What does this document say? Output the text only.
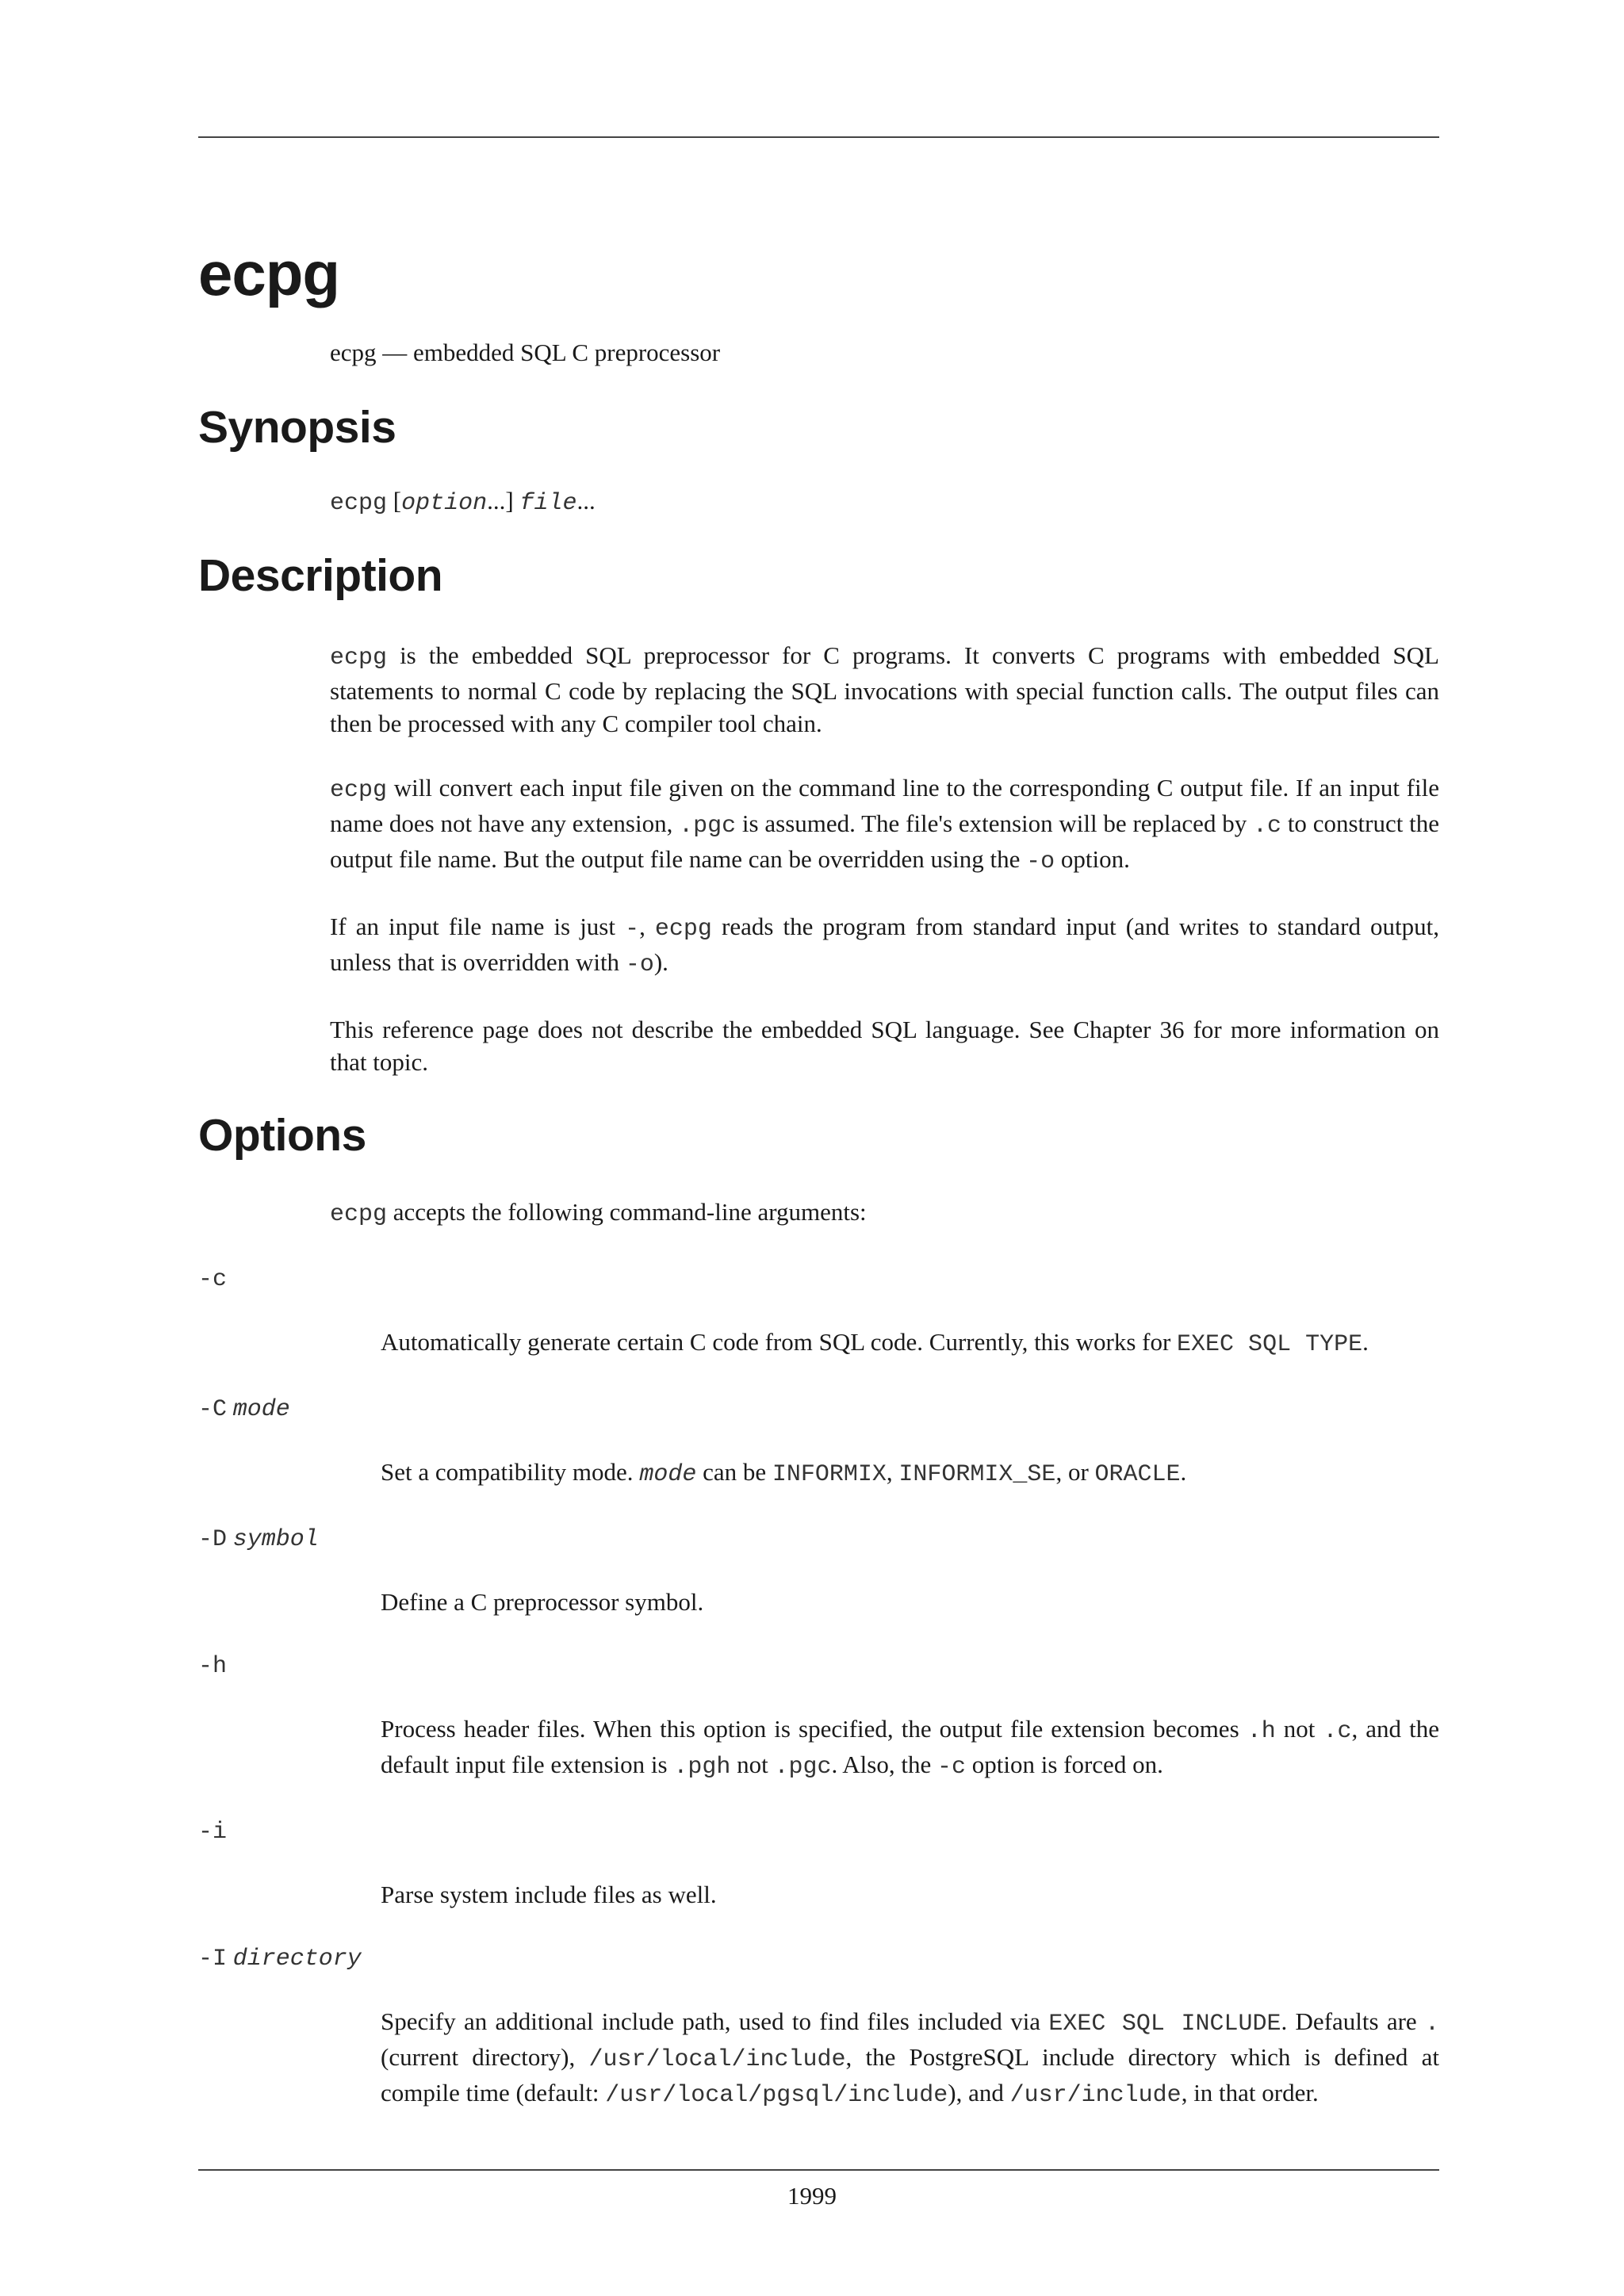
ecpg

ecpg — embedded SQL C preprocessor

Synopsis

ecpg [option...] file...

Description

ecpg is the embedded SQL preprocessor for C programs. It converts C programs with embedded SQL statements to normal C code by replacing the SQL invocations with special function calls. The output files can then be processed with any C compiler tool chain.

ecpg will convert each input file given on the command line to the corresponding C output file. If an input file name does not have any extension, .pgc is assumed. The file's extension will be replaced by .c to construct the output file name. But the output file name can be overridden using the -o option.

If an input file name is just -, ecpg reads the program from standard input (and writes to standard output, unless that is overridden with -o).

This reference page does not describe the embedded SQL language. See Chapter 36 for more information on that topic.

Options

ecpg accepts the following command-line arguments:

-c

Automatically generate certain C code from SQL code. Currently, this works for EXEC SQL TYPE.

-C mode

Set a compatibility mode. mode can be INFORMIX, INFORMIX_SE, or ORACLE.

-D symbol

Define a C preprocessor symbol.

-h

Process header files. When this option is specified, the output file extension becomes .h not .c, and the default input file extension is .pgh not .pgc. Also, the -c option is forced on.

-i

Parse system include files as well.

-I directory

Specify an additional include path, used to find files included via EXEC SQL INCLUDE. Defaults are . (current directory), /usr/local/include, the PostgreSQL include directory which is defined at compile time (default: /usr/local/pgsql/include), and /usr/include, in that order.

1999
